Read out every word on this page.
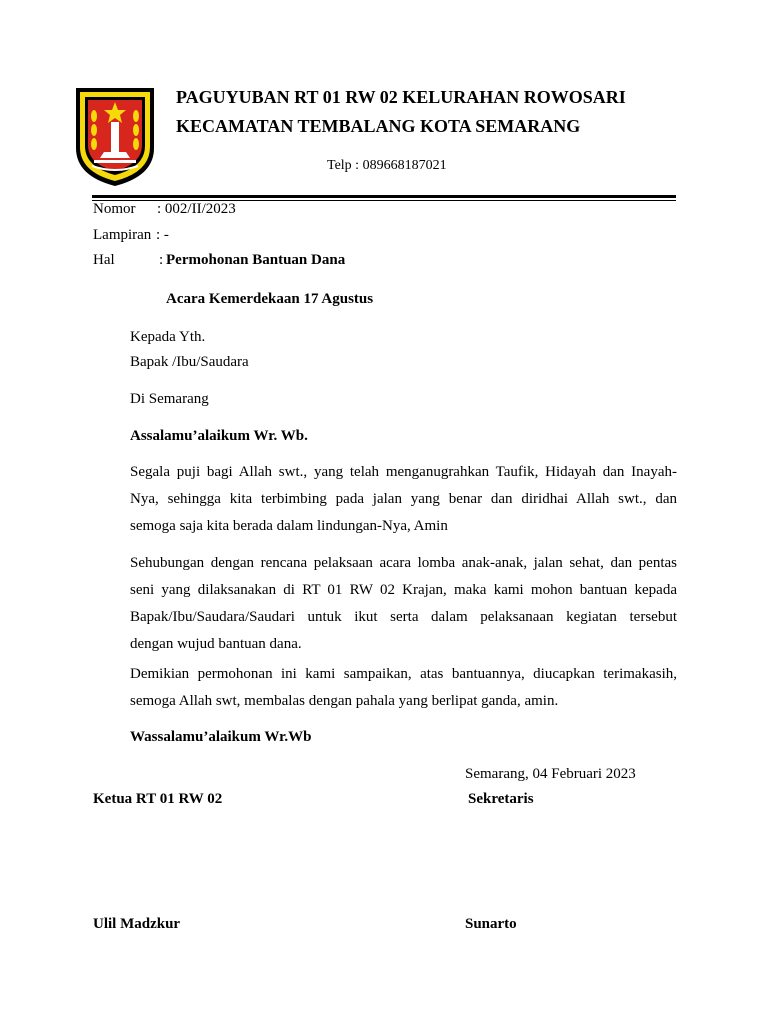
PAGUYUBAN RT 01 RW 02 KELURAHAN ROWOSARI
KECAMATAN TEMBALANG KOTA SEMARANG
Telp : 089668187021
Nomor : 002/II/2023
Lampiran : -
Hal	: Permohonan Bantuan Dana
Acara Kemerdekaan 17 Agustus
Kepada Yth.
Bapak /Ibu/Saudara
Di Semarang
Assalamu’alaikum Wr. Wb.
Segala puji bagi Allah swt., yang telah menganugrahkan Taufik, Hidayah dan Inayah-
Nya, sehingga kita terbimbing pada jalan yang benar dan diridhai Allah swt., dan
semoga saja kita berada dalam lindungan-Nya, Amin
Sehubungan dengan rencana pelaksaan acara lomba anak-anak, jalan sehat, dan pentas
seni yang dilaksanakan di RT 01 RW 02 Krajan, maka kami mohon bantuan kepada
Bapak/Ibu/Saudara/Saudari untuk ikut serta dalam pelaksanaan kegiatan tersebut
dengan wujud bantuan dana.
Demikian permohonan ini kami sampaikan, atas bantuannya, diucapkan terimakasih,
semoga Allah swt, membalas dengan pahala yang berlipat ganda, amin.
Wassalamu’alaikum Wr.Wb
Semarang, 04 Februari 2023
Ketua RT 01 RW 02	Sekretaris
Ulil Madzkur	Sunarto
